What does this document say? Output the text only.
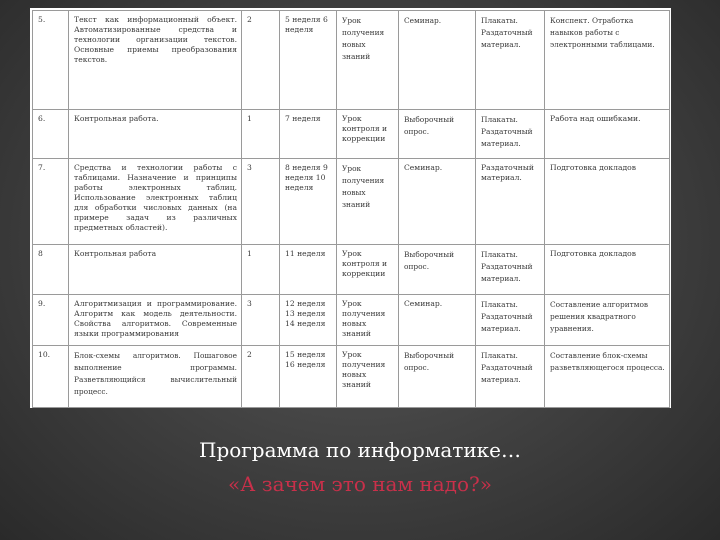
5.	Текст как информационный объект. Автоматизированные средства и технологии организации текстов. Основные приемы преобразования текстов.	2	5 неделя 6 неделя	Урок получения новых знаний	Семинар.	Плакаты. Раздаточный материал.	Конспект. Отработка навыков работы с электронными таблицами.
6.	Контрольная работа.	1	7 неделя	Урок контроля и коррекции	Выборочный опрос.	Плакаты. Раздаточный материал.	Работа над ошибками.
7.	Средства и технологии работы с таблицами. Назначение и принципы работы электронных таблиц. Использование электронных таблиц для обработки числовых данных (на примере задач из различных предметных областей).	3	8 неделя 9 неделя 10 неделя	Урок получения новых знаний	Семинар.	Раздаточный материал.	Подготовка докладов
8	Контрольная работа	1	11 неделя	Урок контроля и коррекции	Выборочный опрос.	Плакаты. Раздаточный материал.	Подготовка докладов
9.	Алгоритмизация и программирование. Алгоритм как модель деятельности. Свойства алгоритмов. Современные языки программирования	3	12 неделя 13 неделя 14 неделя	Урок получения новых знаний	Семинар.	Плакаты. Раздаточный материал.	Составление алгоритмов решения квадратного уравнения.
10.	Блок-схемы алгоритмов. Пошаговое выполнение программы. Разветвляющийся вычислительный процесс.	2	15 неделя 16 неделя	Урок получения новых знаний	Выборочный опрос.	Плакаты. Раздаточный материал.	Составление блок-схемы разветвляющегося процесса.
Программа по информатике…
«А зачем это нам надо?»
